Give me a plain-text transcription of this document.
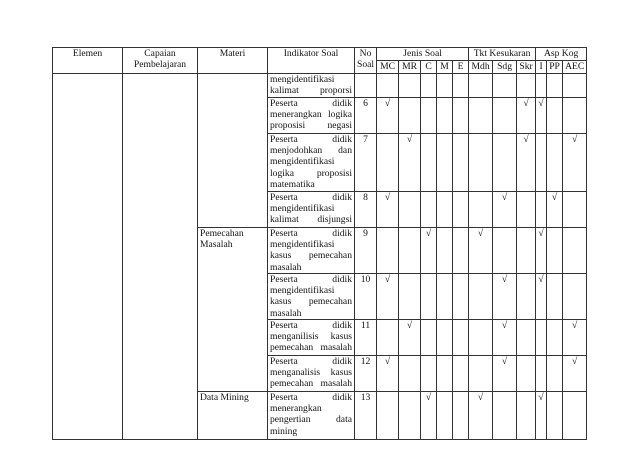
Elemen	Capaian Pembelajaran	Materi	Indikator Soal	No Soal	Jenis Soal					Tkt Kesukaran			Asp Kog		
					MC	MR	C	M	E	Mdh	Sdg	Skr	I	PP	AEC

			mengidentifikasi
kalimat proporsi												

			Peserta didik
menerangkan logika
proposisi negasi	6	√							√	√		

			Peserta didik
menjodohkan dan
mengidentifikasi
logika proposisi
matematika	7		√						√			√

			Peserta didik
mengidentifikasi
kalimat disjungsi	8	√						√			√	
		Pemecahan Masalah	Peserta didik
mengidentifikasi
kasus pemecahan
masalah	9			√			√			√		

			Peserta didik
mengidentifikasi
kasus pemecahan
masalah	10	√						√		√		

			Peserta didik
menganilisis kasus
pemecahan masalah	11		√					√				√

			Peserta didik
menganalisis kasus
pemecahan masalah	12	√						√				√
		Data Mining	Peserta didik
menerangkan
pengertian data
mining	13			√			√			√		
